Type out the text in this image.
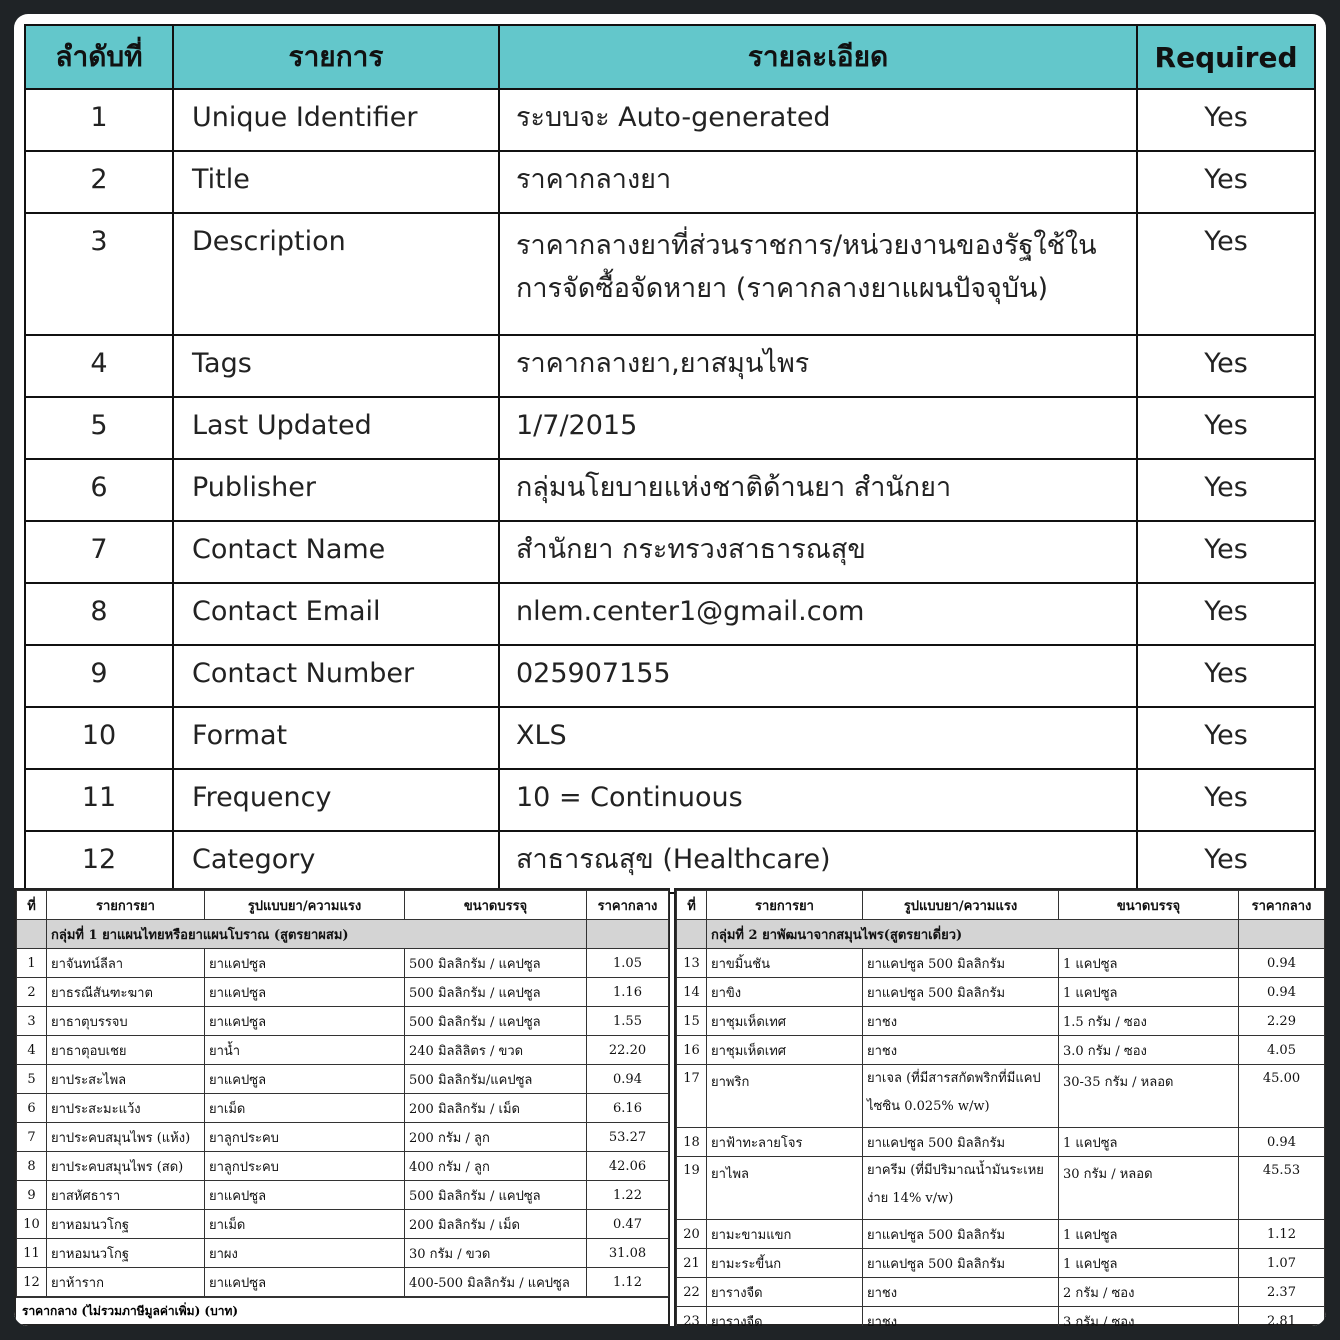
ลำดับที่	รายการ	รายละเอียด	Required
1	Unique Identifier	ระบบจะ Auto-generated	Yes
2	Title	ราคากลางยา	Yes
3	Description	ราคากลางยาที่ส่วนราชการ/หน่วยงานของรัฐใช้ใน
การจัดซื้อจัดหายา (ราคากลางยาแผนปัจจุบัน)	Yes
4	Tags	ราคากลางยา,ยาสมุนไพร	Yes
5	Last Updated	1/7/2015	Yes
6	Publisher	กลุ่มนโยบายแห่งชาติด้านยา สำนักยา	Yes
7	Contact Name	สำนักยา กระทรวงสาธารณสุข	Yes
8	Contact Email	nlem.center1@gmail.com	Yes
9	Contact Number	025907155	Yes
10	Format	XLS	Yes
11	Frequency	10 = Continuous	Yes
12	Category	สาธารณสุข (Healthcare)	Yes
ที่	รายการยา	รูปแบบยา/ความแรง	ขนาดบรรจุ	ราคากลาง
	กลุ่มที่ 1 ยาแผนไทยหรือยาแผนโบราณ (สูตรยาผสม)			
1	ยาจันทน์ลีลา	ยาแคปซูล	500 มิลลิกรัม / แคปซูล	1.05
2	ยาธรณีสันฑะฆาต	ยาแคปซูล	500 มิลลิกรัม / แคปซูล	1.16
3	ยาธาตุบรรจบ	ยาแคปซูล	500 มิลลิกรัม / แคปซูล	1.55
4	ยาธาตุอบเชย	ยาน้ำ	240 มิลลิลิตร / ขวด	22.20
5	ยาประสะไพล	ยาแคปซูล	500 มิลลิกรัม/แคปซูล	0.94
6	ยาประสะมะแว้ง	ยาเม็ด	200 มิลลิกรัม / เม็ด	6.16
7	ยาประคบสมุนไพร (แห้ง)	ยาลูกประคบ	200 กรัม / ลูก	53.27
8	ยาประคบสมุนไพร (สด)	ยาลูกประคบ	400 กรัม / ลูก	42.06
9	ยาสหัศธารา	ยาแคปซูล	500 มิลลิกรัม / แคปซูล	1.22
10	ยาหอมนวโกฐ	ยาเม็ด	200 มิลลิกรัม / เม็ด	0.47
11	ยาหอมนวโกฐ	ยาผง	30 กรัม / ขวด	31.08
12	ยาห้าราก	ยาแคปซูล	400-500 มิลลิกรัม / แคปซูล	1.12
ราคากลาง (ไม่รวมภาษีมูลค่าเพิ่ม) (บาท)
ที่	รายการยา	รูปแบบยา/ความแรง	ขนาดบรรจุ	ราคากลาง
	กลุ่มที่ 2 ยาพัฒนาจากสมุนไพร(สูตรยาเดี่ยว)			
13	ยาขมิ้นชัน	ยาแคปซูล 500 มิลลิกรัม	1 แคปซูล	0.94
14	ยาขิง	ยาแคปซูล 500 มิลลิกรัม	1 แคปซูล	0.94
15	ยาชุมเห็ดเทศ	ยาชง	1.5 กรัม / ซอง	2.29
16	ยาชุมเห็ดเทศ	ยาชง	3.0 กรัม / ซอง	4.05
17	ยาพริก	ยาเจล (ที่มีสารสกัดพริกที่มีแคปไซซิน 0.025% w/w)	30-35 กรัม / หลอด	45.00
18	ยาฟ้าทะลายโจร	ยาแคปซูล 500 มิลลิกรัม	1 แคปซูล	0.94
19	ยาไพล	ยาครีม (ที่มีปริมาณน้ำมันระเหยง่าย 14% v/w)	30 กรัม / หลอด	45.53
20	ยามะขามแขก	ยาแคปซูล 500 มิลลิกรัม	1 แคปซูล	1.12
21	ยามะระขี้นก	ยาแคปซูล 500 มิลลิกรัม	1 แคปซูล	1.07
22	ยารางจืด	ยาชง	2 กรัม / ซอง	2.37
23	ยารางจืด	ยาชง	3 กรัม / ซอง	2.81
